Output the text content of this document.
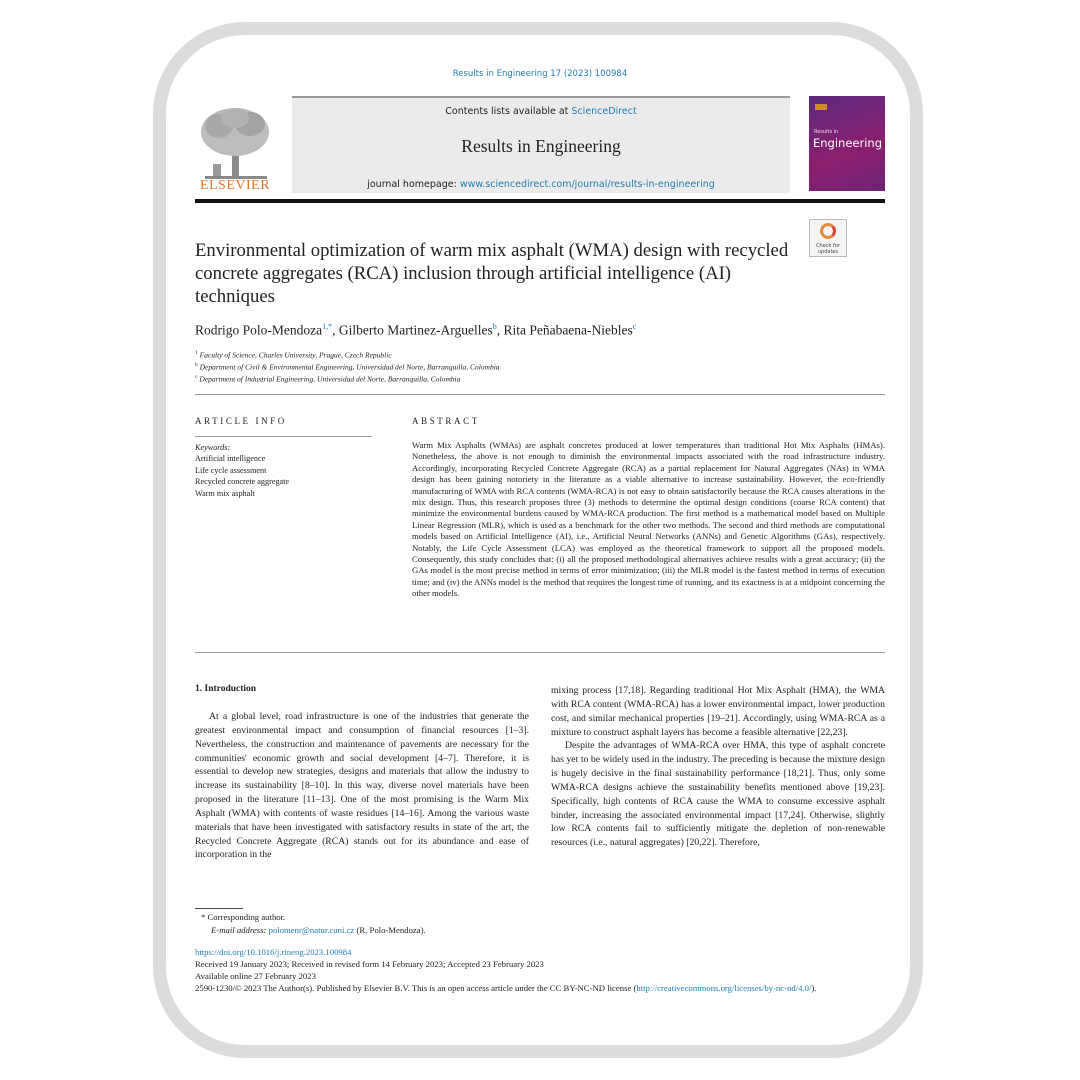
Results in Engineering 17 (2023) 100984
ELSEVIER
Contents lists available at ScienceDirect
Results in Engineering
journal homepage: www.sciencedirect.com/journal/results-in-engineering
Results in
Engineering
Check for updates
Environmental optimization of warm mix asphalt (WMA) design with recycled concrete aggregates (RCA) inclusion through artificial intelligence (AI) techniques
Rodrigo Polo-Mendoza$^{1,*}$, Gilberto Martinez-Arguelles$^b$, Rita Peñabaena-Niebles$^c$
$^1$ Faculty of Science, Charles University, Prague, Czech Republic
$^b$ Department of Civil & Environmental Engineering, Universidad del Norte, Barranquilla, Colombia
$^c$ Department of Industrial Engineering, Universidad del Norte, Barranquilla, Colombia
ARTICLE INFO	ABSTRACT
Keywords:
Artificial intelligence
Life cycle assessment
Recycled concrete aggregate
Warm mix asphalt
Warm Mix Asphalts (WMAs) are asphalt concretes produced at lower temperatures than traditional Hot Mix Asphalts (HMAs). Nonetheless, the above is not enough to diminish the environmental impacts associated with the road infrastructure industry. Accordingly, incorporating Recycled Concrete Aggregate (RCA) as a partial replacement for Natural Aggregates (NAs) in WMA design has been gaining notoriety in the literature as a viable alternative to increase sustainability. However, the eco-friendly manufacturing of WMA with RCA contents (WMA-RCA) is not easy to obtain satisfactorily because the RCA causes alterations in the mix design. Thus, this research proposes three (3) methods to determine the optimal design conditions (coarse RCA content) that minimize the environmental burdens caused by WMA-RCA production. The first method is a mathematical model based on Multiple Linear Regression (MLR), which is used as a benchmark for the other two methods. The second and third methods are computational models based on Artificial Intelligence (AI), i.e., Artificial Neural Networks (ANNs) and Genetic Algorithms (GAs), respectively. Notably, the Life Cycle Assessment (LCA) was employed as the theoretical framework to support all the proposed models. Consequently, this study concludes that: (i) all the proposed methodological alternatives achieve results with a great accuracy; (ii) the GAs model is the most precise method in terms of error minimization; (iii) the MLR model is the fastest method in terms of execution time; and (iv) the ANNs model is the method that requires the longest time of running, and its exactness is at a midpoint concerning the other models.
1. Introduction

At a global level, road infrastructure is one of the industries that generate the greatest environmental impact and consumption of financial resources [1–3]. Nevertheless, the construction and maintenance of pavements are necessary for the communities' economic growth and social development [4–7]. Therefore, it is essential to develop new strategies, designs and materials that allow the industry to increase its sustainability [8–10]. In this way, diverse novel materials have been proposed in the literature [11–13]. One of the most promising is the Warm Mix Asphalt (WMA) with contents of waste residues [14–16]. Among the various waste materials that have been investigated with satisfactory results in state of the art, the Recycled Concrete Aggregate (RCA) stands out for its abundance and ease of incorporation in the

mixing process [17,18]. Regarding traditional Hot Mix Asphalt (HMA), the WMA with RCA content (WMA-RCA) has a lower environmental impact, lower production cost, and similar mechanical properties [19–21]. Accordingly, using WMA-RCA as a mixture to construct asphalt layers has become a feasible alternative [22,23].

Despite the advantages of WMA-RCA over HMA, this type of asphalt concrete has yet to be widely used in the industry. The preceding is because the mixture design is hugely decisive in the final sustainability performance [18,21]. Thus, only some WMA-RCA designs achieve the sustainability benefits mentioned above [19,23]. Specifically, high contents of RCA cause the WMA to consume excessive asphalt binder, increasing the associated environmental impact [17,24]. Otherwise, slightly low RCA contents fail to sufficiently mitigate the depletion of non-renewable resources (i.e., natural aggregates) [20,22]. Therefore,

* Corresponding author.
E-mail address: polomenr@natur.cuni.cz (R. Polo-Mendoza).
https://doi.org/10.1016/j.rineng.2023.100984
Received 19 January 2023; Received in revised form 14 February 2023; Accepted 23 February 2023
Available online 27 February 2023
2590-1230/© 2023 The Author(s). Published by Elsevier B.V. This is an open access article under the CC BY-NC-ND license (http://creativecommons.org/licenses/by-nc-nd/4.0/).
